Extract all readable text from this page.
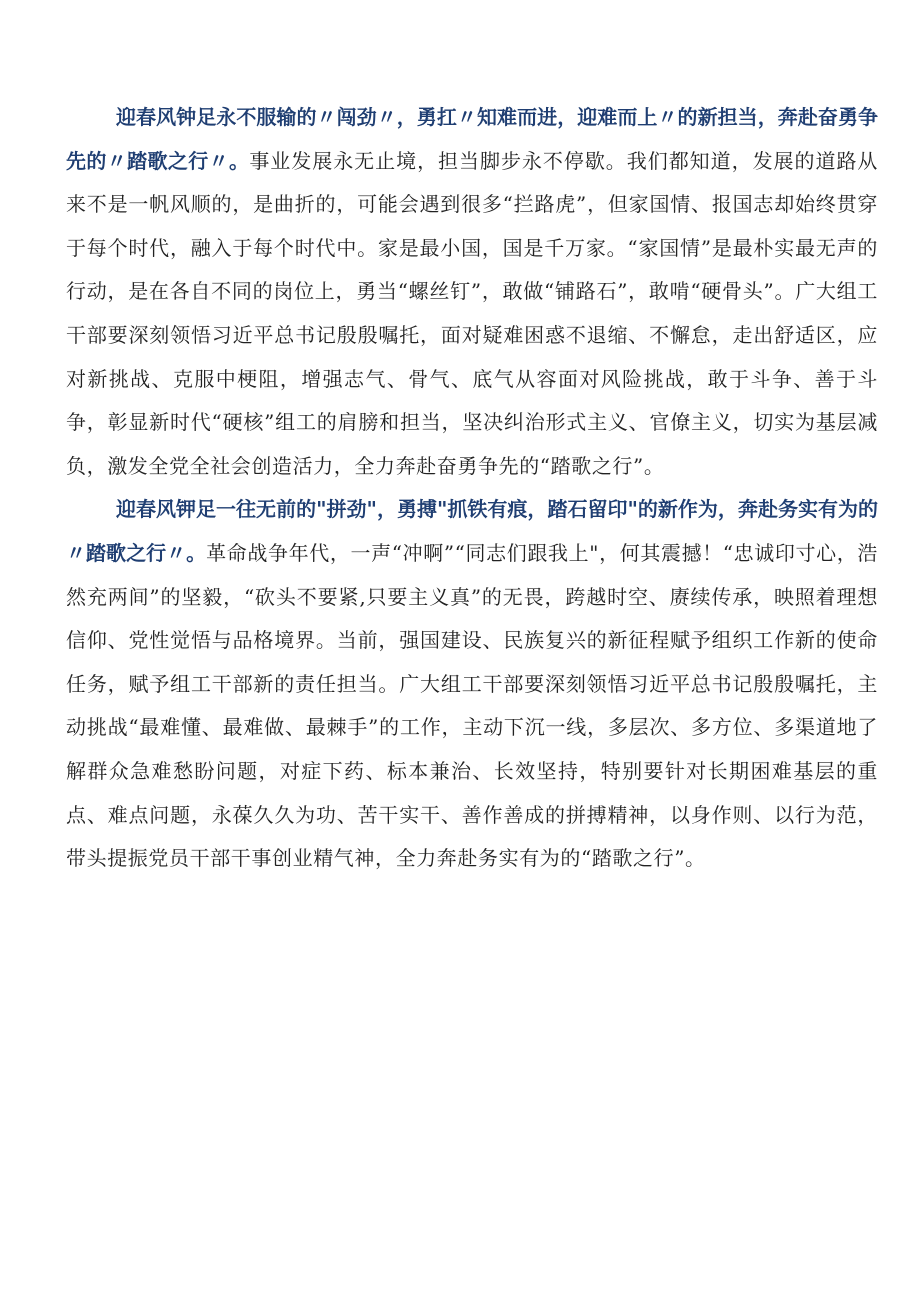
迎春风钟足永不服输的〃闯劲〃，勇扛〃知难而进，迎难而上〃的新担当，奔赴奋勇争先的〃踏歌之行〃。事业发展永无止境，担当脚步永不停歇。我们都知道，发展的道路从来不是一帆风顺的，是曲折的，可能会遇到很多“拦路虎”，但家国情、报国志却始终贯穿于每个时代，融入于每个时代中。家是最小国，国是千万家。“家国情”是最朴实最无声的行动，是在各自不同的岗位上，勇当“螺丝钉”，敢做“铺路石”，敢啃“硬骨头”。广大组工干部要深刻领悟习近平总书记殷殷嘱托，面对疑难困惑不退缩、不懈怠，走出舒适区，应对新挑战、克服中梗阻，增强志气、骨气、底气从容面对风险挑战，敢于斗争、善于斗争，彰显新时代“硬核”组工的肩膀和担当，坚决纠治形式主义、官僚主义，切实为基层减负，激发全党全社会创造活力，全力奔赴奋勇争先的“踏歌之行”。

迎春风钾足一往无前的"拼劲"，勇搏"抓铁有痕，踏石留印"的新作为，奔赴务实有为的〃踏歌之行〃。革命战争年代，一声“冲啊”“同志们跟我上"，何其震撼！“忠诚印寸心，浩然充两间”的坚毅，“砍头不要紧,只要主义真”的无畏，跨越时空、赓续传承，映照着理想信仰、党性觉悟与品格境界。当前，强国建设、民族复兴的新征程赋予组织工作新的使命任务，赋予组工干部新的责任担当。广大组工干部要深刻领悟习近平总书记殷殷嘱托，主动挑战“最难懂、最难做、最棘手”的工作，主动下沉一线，多层次、多方位、多渠道地了解群众急难愁盼问题，对症下药、标本兼治、长效坚持，特别要针对长期困难基层的重点、难点问题，永葆久久为功、苦干实干、善作善成的拼搏精神，以身作则、以行为范，带头提振党员干部干事创业精气神，全力奔赴务实有为的“踏歌之行”。
